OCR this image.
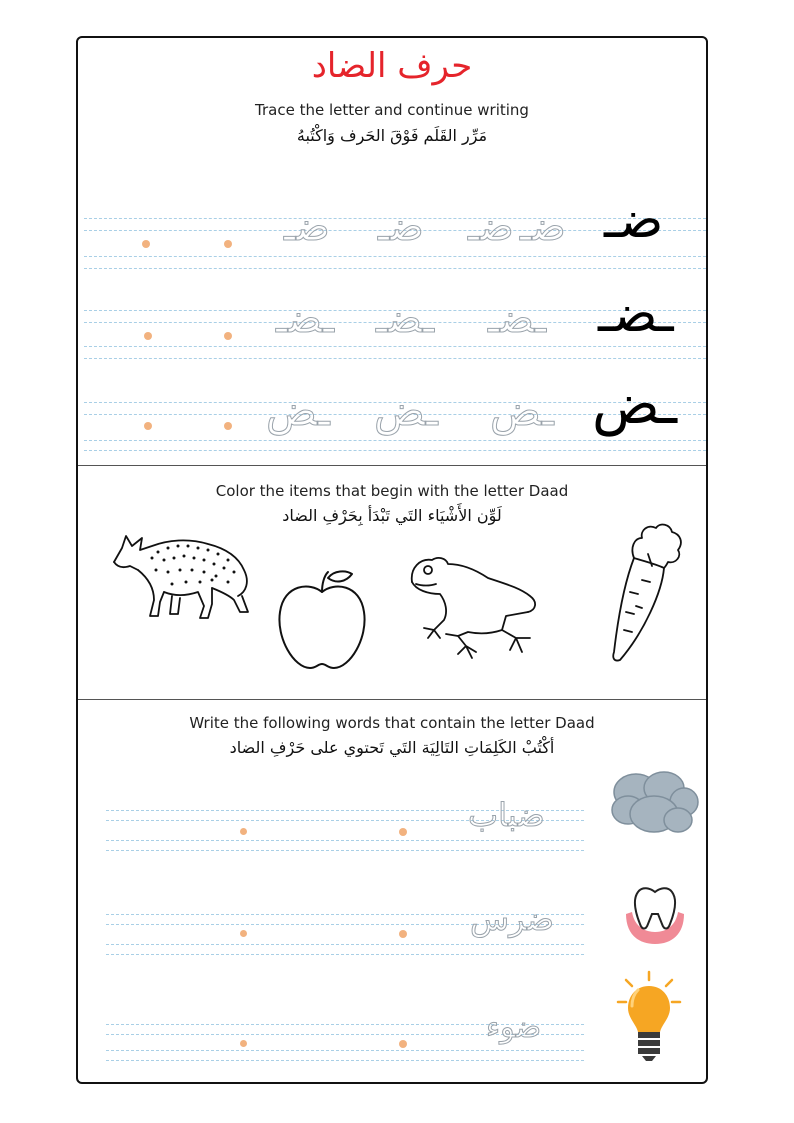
حرف الضاد
Trace the letter and continue writing
مَرِّر القَلَم فَوْقَ الحَرف وَاكْتُبهُ
ضـ ضـ ضـ ضـ ضـ
ـضـ ـضـ ـضـ ـضـ
ـض ـض ـض ـض
Color the items that begin with the letter Daad
لَوِّن الأَشْيَاء التَي تَبْدَأ بِحَرْفِ الضاد
Write the following words that contain the letter Daad
أكْتُبْ الكَلِمَاتِ التَالِيَة التَي تَحتوي على حَرْفِ الضاد
ضباب
ضرس
ضوء
